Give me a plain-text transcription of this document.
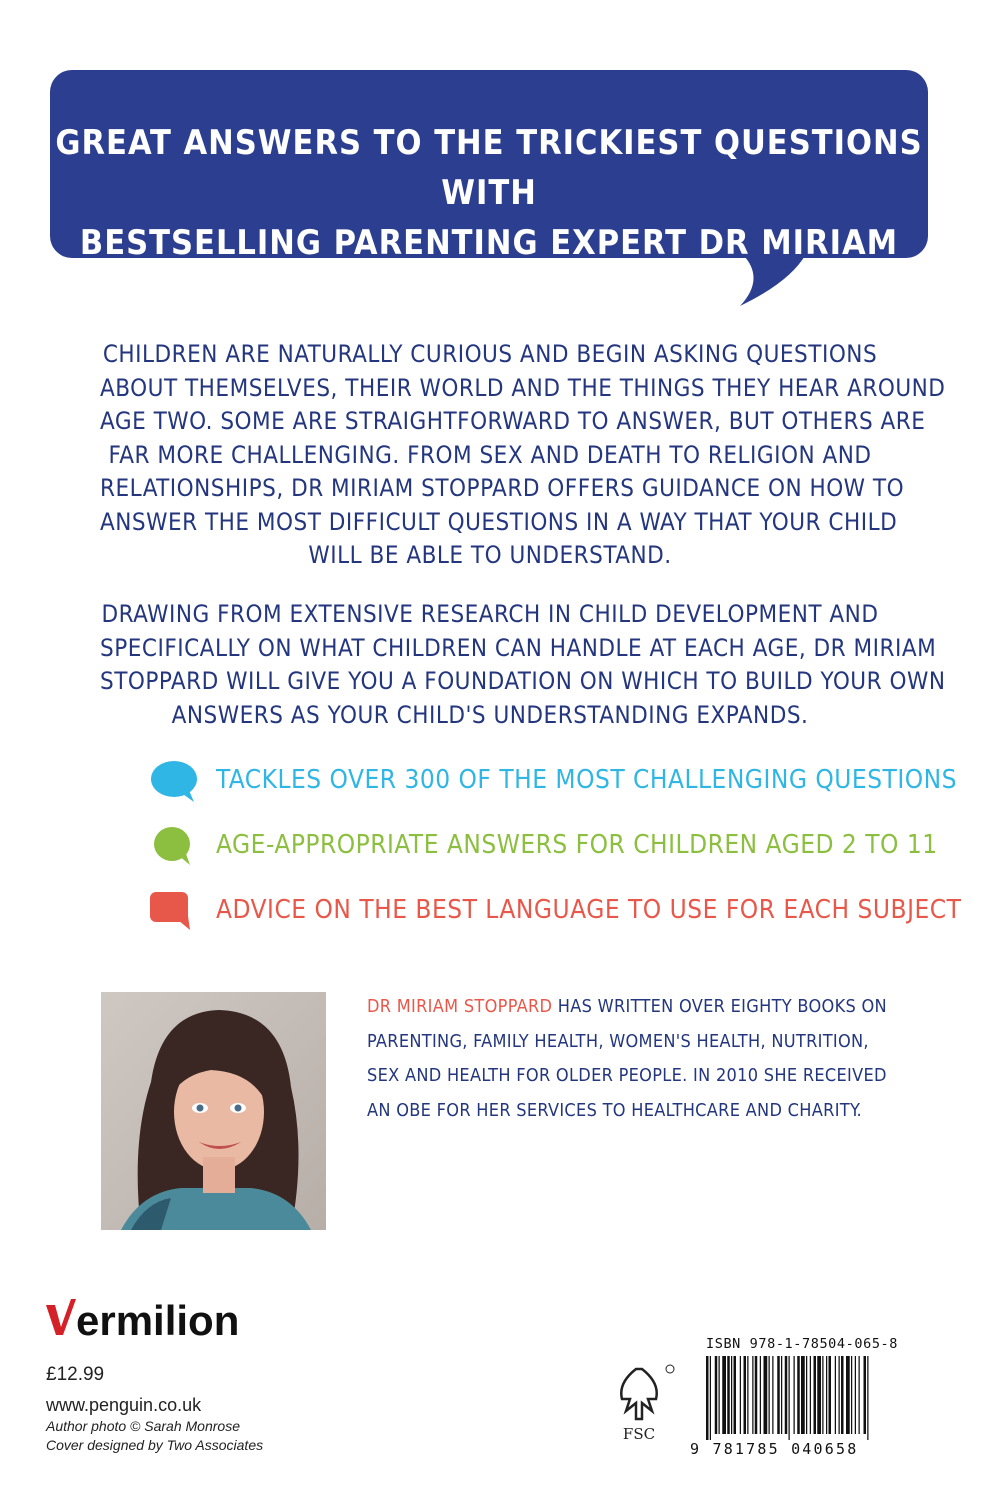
GREAT ANSWERS TO THE TRICKIEST QUESTIONS WITH
BESTSELLING PARENTING EXPERT DR MIRIAM STOPPARD.
CHILDREN ARE NATURALLY CURIOUS AND BEGIN ASKING QUESTIONS
ABOUT THEMSELVES, THEIR WORLD AND THE THINGS THEY HEAR AROUND
AGE TWO. SOME ARE STRAIGHTFORWARD TO ANSWER, BUT OTHERS ARE
FAR MORE CHALLENGING. FROM SEX AND DEATH TO RELIGION AND
RELATIONSHIPS, DR MIRIAM STOPPARD OFFERS GUIDANCE ON HOW TO
ANSWER THE MOST DIFFICULT QUESTIONS IN A WAY THAT YOUR CHILD
WILL BE ABLE TO UNDERSTAND.
DRAWING FROM EXTENSIVE RESEARCH IN CHILD DEVELOPMENT AND
SPECIFICALLY ON WHAT CHILDREN CAN HANDLE AT EACH AGE, DR MIRIAM
STOPPARD WILL GIVE YOU A FOUNDATION ON WHICH TO BUILD YOUR OWN
ANSWERS AS YOUR CHILD'S UNDERSTANDING EXPANDS.
TACKLES OVER 300 OF THE MOST CHALLENGING QUESTIONS
AGE-APPROPRIATE ANSWERS FOR CHILDREN AGED 2 TO 11
ADVICE ON THE BEST LANGUAGE TO USE FOR EACH SUBJECT
DR MIRIAM STOPPARD HAS WRITTEN OVER EIGHTY BOOKS ON
PARENTING, FAMILY HEALTH, WOMEN'S HEALTH, NUTRITION,
SEX AND HEALTH FOR OLDER PEOPLE. IN 2010 SHE RECEIVED
AN OBE FOR HER SERVICES TO HEALTHCARE AND CHARITY.
ermilion
£12.99
www.penguin.co.uk
Author photo © Sarah Monrose
Cover designed by Two Associates
FSC
ISBN 978-1-78504-065-8
9 781785 040658
